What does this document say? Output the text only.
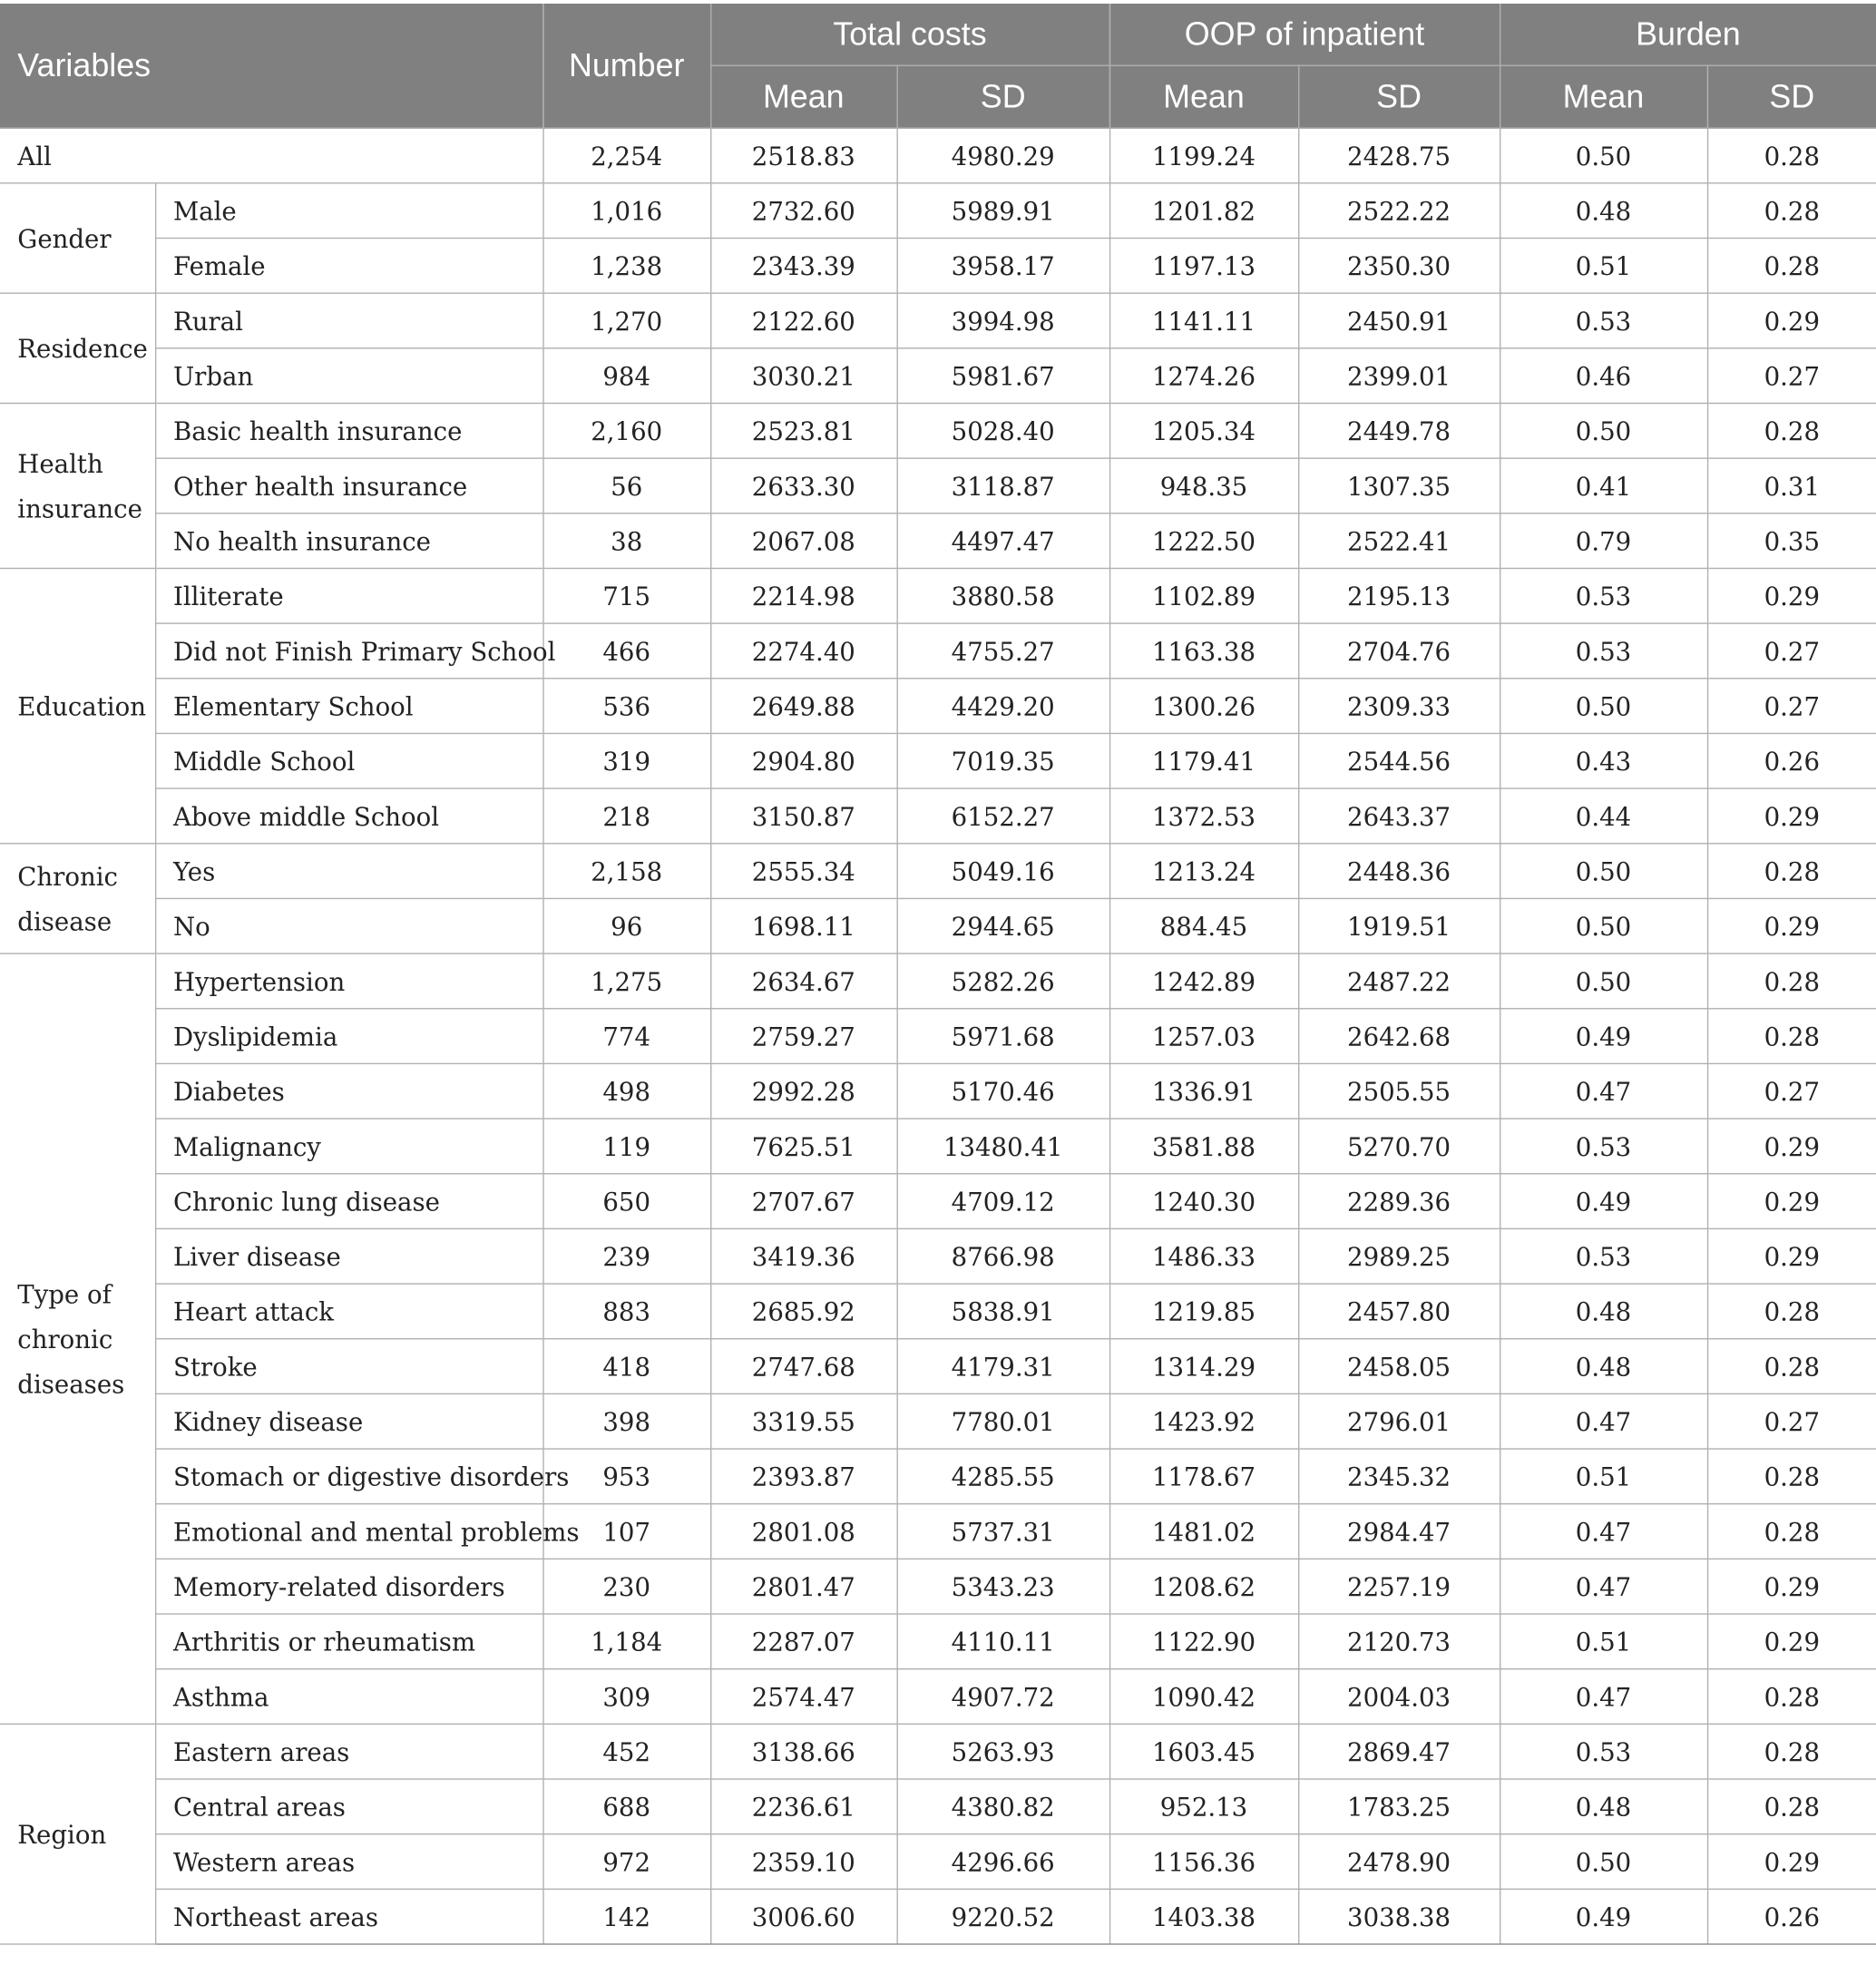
Variables		Number	Total costs		OOP of inpatient		Burden	
			Mean	SD	Mean	SD	Mean	SD
All		2,254	2518.83	4980.29	1199.24	2428.75	0.50	0.28
Gender	Male	1,016	2732.60	5989.91	1201.82	2522.22	0.48	0.28
	Female	1,238	2343.39	3958.17	1197.13	2350.30	0.51	0.28
Residence	Rural	1,270	2122.60	3994.98	1141.11	2450.91	0.53	0.29
	Urban	984	3030.21	5981.67	1274.26	2399.01	0.46	0.27
Health insurance	Basic health insurance	2,160	2523.81	5028.40	1205.34	2449.78	0.50	0.28
	Other health insurance	56	2633.30	3118.87	948.35	1307.35	0.41	0.31
	No health insurance	38	2067.08	4497.47	1222.50	2522.41	0.79	0.35
Education	Illiterate	715	2214.98	3880.58	1102.89	2195.13	0.53	0.29
	Did not Finish Primary School	466	2274.40	4755.27	1163.38	2704.76	0.53	0.27
	Elementary School	536	2649.88	4429.20	1300.26	2309.33	0.50	0.27
	Middle School	319	2904.80	7019.35	1179.41	2544.56	0.43	0.26
	Above middle School	218	3150.87	6152.27	1372.53	2643.37	0.44	0.29
Chronic disease	Yes	2,158	2555.34	5049.16	1213.24	2448.36	0.50	0.28
	No	96	1698.11	2944.65	884.45	1919.51	0.50	0.29
Type of chronic diseases	Hypertension	1,275	2634.67	5282.26	1242.89	2487.22	0.50	0.28
	Dyslipidemia	774	2759.27	5971.68	1257.03	2642.68	0.49	0.28
	Diabetes	498	2992.28	5170.46	1336.91	2505.55	0.47	0.27
	Malignancy	119	7625.51	13480.41	3581.88	5270.70	0.53	0.29
	Chronic lung disease	650	2707.67	4709.12	1240.30	2289.36	0.49	0.29
	Liver disease	239	3419.36	8766.98	1486.33	2989.25	0.53	0.29
	Heart attack	883	2685.92	5838.91	1219.85	2457.80	0.48	0.28
	Stroke	418	2747.68	4179.31	1314.29	2458.05	0.48	0.28
	Kidney disease	398	3319.55	7780.01	1423.92	2796.01	0.47	0.27
	Stomach or digestive disorders	953	2393.87	4285.55	1178.67	2345.32	0.51	0.28
	Emotional and mental problems	107	2801.08	5737.31	1481.02	2984.47	0.47	0.28
	Memory-related disorders	230	2801.47	5343.23	1208.62	2257.19	0.47	0.29
	Arthritis or rheumatism	1,184	2287.07	4110.11	1122.90	2120.73	0.51	0.29
	Asthma	309	2574.47	4907.72	1090.42	2004.03	0.47	0.28
Region	Eastern areas	452	3138.66	5263.93	1603.45	2869.47	0.53	0.28
	Central areas	688	2236.61	4380.82	952.13	1783.25	0.48	0.28
	Western areas	972	2359.10	4296.66	1156.36	2478.90	0.50	0.29
	Northeast areas	142	3006.60	9220.52	1403.38	3038.38	0.49	0.26
